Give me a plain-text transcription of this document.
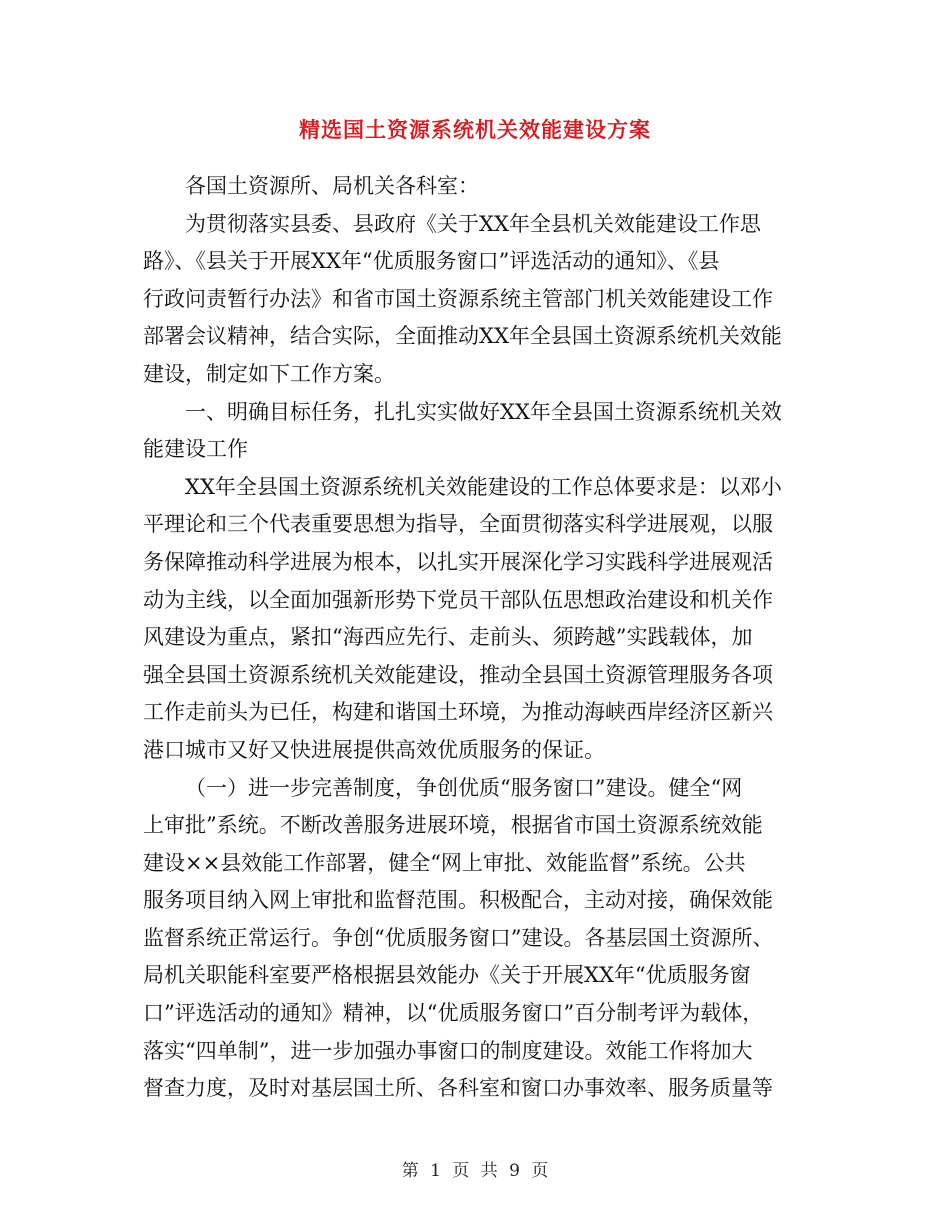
精选国土资源系统机关效能建设方案
各国土资源所、局机关各科室：
为贯彻落实县委、县政府《关于XX年全县机关效能建设工作思
路》、《县关于开展XX年“优质服务窗口”评选活动的通知》、《县
行政问责暂行办法》和省市国土资源系统主管部门机关效能建设工作
部署会议精神，结合实际，全面推动XX年全县国土资源系统机关效能
建设，制定如下工作方案。
一、明确目标任务，扎扎实实做好XX年全县国土资源系统机关效
能建设工作
XX年全县国土资源系统机关效能建设的工作总体要求是：以邓小
平理论和三个代表重要思想为指导，全面贯彻落实科学进展观，以服
务保障推动科学进展为根本，以扎实开展深化学习实践科学进展观活
动为主线，以全面加强新形势下党员干部队伍思想政治建设和机关作
风建设为重点，紧扣“海西应先行、走前头、须跨越”实践载体，加
强全县国土资源系统机关效能建设，推动全县国土资源管理服务各项
工作走前头为已任，构建和谐国土环境，为推动海峡西岸经济区新兴
港口城市又好又快进展提供高效优质服务的保证。
（一）进一步完善制度，争创优质“服务窗口”建设。健全“网
上审批”系统。不断改善服务进展环境，根据省市国土资源系统效能
建设××县效能工作部署，健全“网上审批、效能监督”系统。公共
服务项目纳入网上审批和监督范围。积极配合，主动对接，确保效能
监督系统正常运行。争创“优质服务窗口”建设。各基层国土资源所、
局机关职能科室要严格根据县效能办《关于开展XX年“优质服务窗
口”评选活动的通知》精神，以“优质服务窗口”百分制考评为载体，
落实“四单制”，进一步加强办事窗口的制度建设。效能工作将加大
督查力度，及时对基层国土所、各科室和窗口办事效率、服务质量等
第 1 页 共 9 页
